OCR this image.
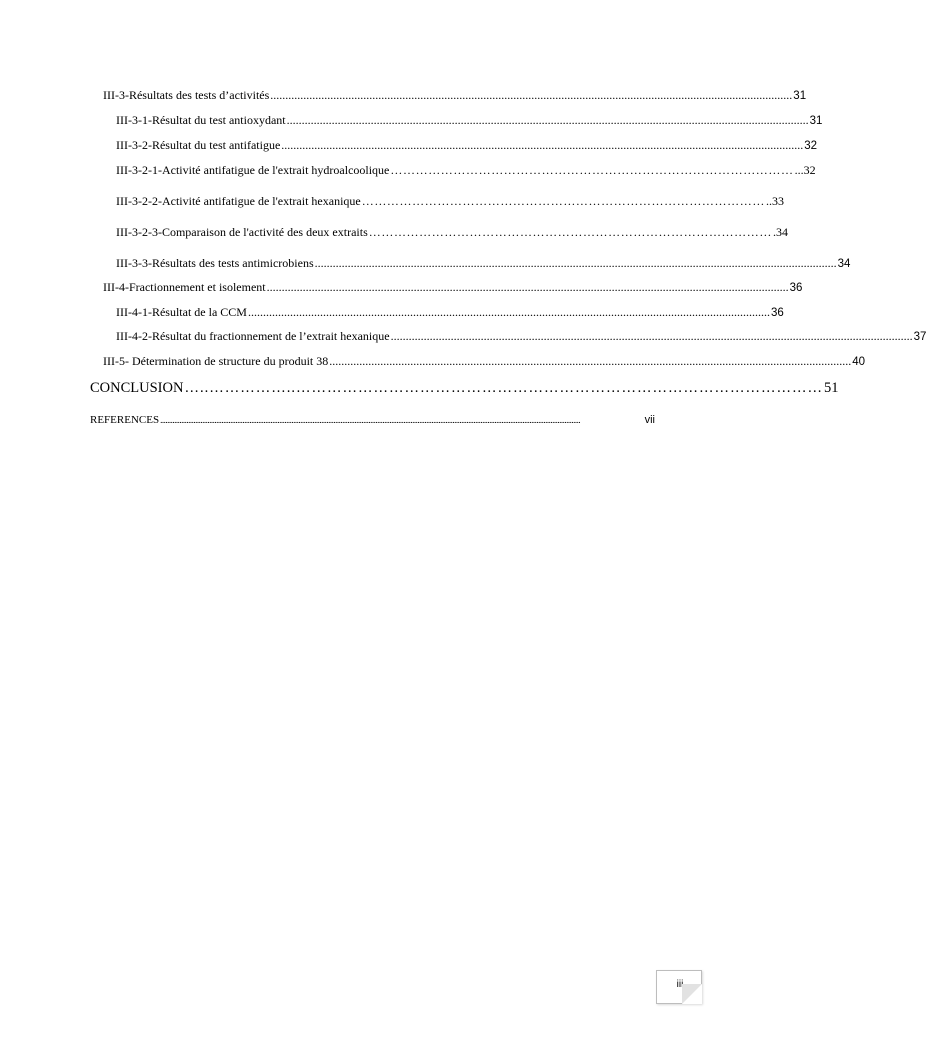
III-3-Résultats des tests d’activités .............................................................................................................................................................................. 31
III-3-1-Résultat du test antioxydant .............................................................................................................................................................................. 31
III-3-2-Résultat du test antifatigue .............................................................................................................................................................................. 32
III-3-2-1-Activité antifatigue de l'extrait hydroalcoolique …………………………………………………………………………………… ...32
III-3-2-2-Activité antifatigue de l'extrait hexanique …………………………………………………………………………………… ..33
III-3-2-3-Comparaison de l'activité des deux extraits …………………………………………………………………………………… .34
III-3-3-Résultats des tests antimicrobiens .............................................................................................................................................................................. 34
III-4-Fractionnement et isolement .............................................................................................................................................................................. 36
III-4-1-Résultat de la CCM .............................................................................................................................................................................. 36
III-4-2-Résultat du fractionnement de l’extrait hexanique .............................................................................................................................................................................. 37
III-5- Détermination de structure du produit 38 .............................................................................................................................................................................. 40
CONCLUSION …..……………..………………………………………………………………………………………… 51
REFERENCES ................................................................................................................................................................................................................................................	vii
iii
